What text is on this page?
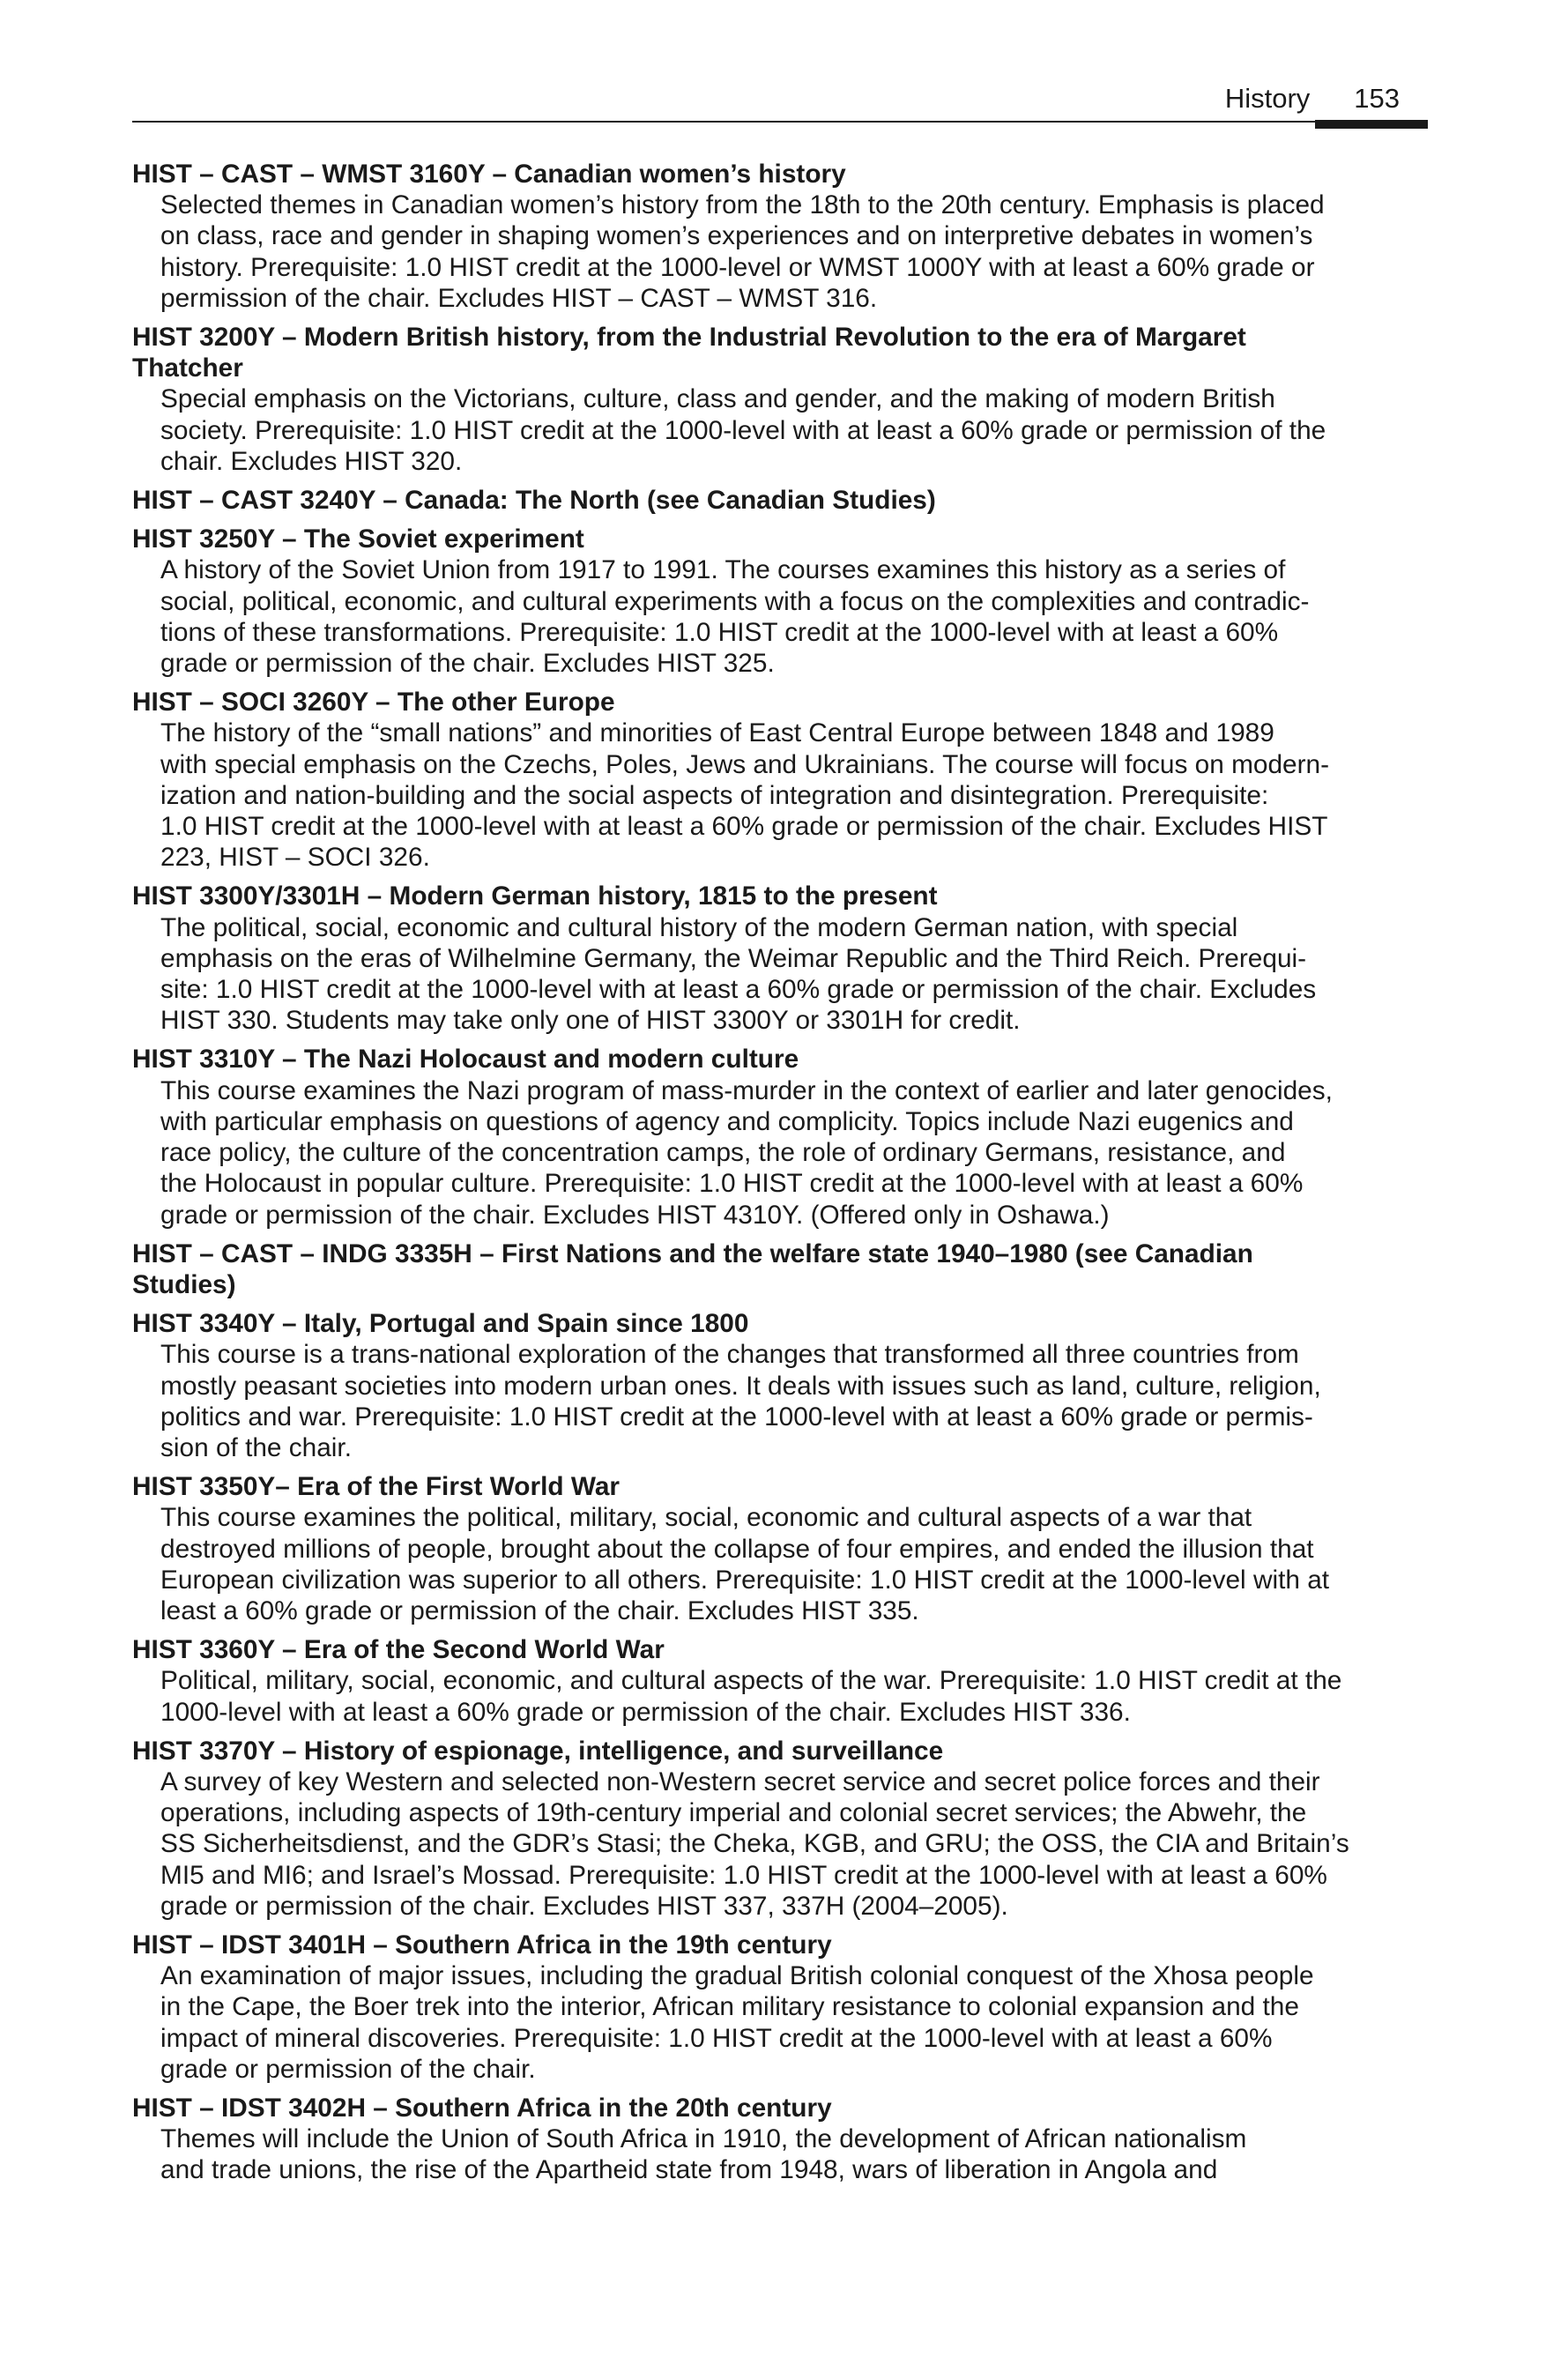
History 153
HIST – CAST – WMST 3160Y – Canadian women’s history
Selected themes in Canadian women’s history from the 18th to the 20th century. Emphasis is placed
on class, race and gender in shaping women’s experiences and on interpretive debates in women’s
history. Prerequisite: 1.0 HIST credit at the 1000-level or WMST 1000Y with at least a 60% grade or
permission of the chair. Excludes HIST – CAST – WMST 316.
HIST 3200Y – Modern British history, from the Industrial Revolution to the era of Margaret
Thatcher
Special emphasis on the Victorians, culture, class and gender, and the making of modern British
society. Prerequisite: 1.0 HIST credit at the 1000-level with at least a 60% grade or permission of the
chair. Excludes HIST 320.
HIST – CAST 3240Y – Canada: The North (see Canadian Studies)
HIST 3250Y – The Soviet experiment
A history of the Soviet Union from 1917 to 1991. The courses examines this history as a series of
social, political, economic, and cultural experiments with a focus on the complexities and contradic-
tions of these transformations. Prerequisite: 1.0 HIST credit at the 1000-level with at least a 60%
grade or permission of the chair. Excludes HIST 325.
HIST – SOCI 3260Y – The other Europe
The history of the “small nations” and minorities of East Central Europe between 1848 and 1989
with special emphasis on the Czechs, Poles, Jews and Ukrainians. The course will focus on modern-
ization and nation-building and the social aspects of integration and disintegration. Prerequisite:
1.0 HIST credit at the 1000-level with at least a 60% grade or permission of the chair. Excludes HIST
223, HIST – SOCI 326.
HIST 3300Y/3301H – Modern German history, 1815 to the present
The political, social, economic and cultural history of the modern German nation, with special
emphasis on the eras of Wilhelmine Germany, the Weimar Republic and the Third Reich. Prerequi-
site: 1.0 HIST credit at the 1000-level with at least a 60% grade or permission of the chair. Excludes
HIST 330. Students may take only one of HIST 3300Y or 3301H for credit.
HIST 3310Y – The Nazi Holocaust and modern culture
This course examines the Nazi program of mass-murder in the context of earlier and later genocides,
with particular emphasis on questions of agency and complicity. Topics include Nazi eugenics and
race policy, the culture of the concentration camps, the role of ordinary Germans, resistance, and
the Holocaust in popular culture. Prerequisite: 1.0 HIST credit at the 1000-level with at least a 60%
grade or permission of the chair. Excludes HIST 4310Y. (Offered only in Oshawa.)
HIST – CAST – INDG 3335H – First Nations and the welfare state 1940–1980 (see Canadian
Studies)
HIST 3340Y – Italy, Portugal and Spain since 1800
This course is a trans-national exploration of the changes that transformed all three countries from
mostly peasant societies into modern urban ones. It deals with issues such as land, culture, religion,
politics and war. Prerequisite: 1.0 HIST credit at the 1000-level with at least a 60% grade or permis-
sion of the chair.
HIST 3350Y– Era of the First World War
This course examines the political, military, social, economic and cultural aspects of a war that
destroyed millions of people, brought about the collapse of four empires, and ended the illusion that
European civilization was superior to all others. Prerequisite: 1.0 HIST credit at the 1000-level with at
least a 60% grade or permission of the chair. Excludes HIST 335.
HIST 3360Y – Era of the Second World War
Political, military, social, economic, and cultural aspects of the war. Prerequisite: 1.0 HIST credit at the
1000-level with at least a 60% grade or permission of the chair. Excludes HIST 336.
HIST 3370Y – History of espionage, intelligence, and surveillance
A survey of key Western and selected non-Western secret service and secret police forces and their
operations, including aspects of 19th-century imperial and colonial secret services; the Abwehr, the
SS Sicherheitsdienst, and the GDR’s Stasi; the Cheka, KGB, and GRU; the OSS, the CIA and Britain’s
MI5 and MI6; and Israel’s Mossad. Prerequisite: 1.0 HIST credit at the 1000-level with at least a 60%
grade or permission of the chair. Excludes HIST 337, 337H (2004–2005).
HIST – IDST 3401H – Southern Africa in the 19th century
An examination of major issues, including the gradual British colonial conquest of the Xhosa people
in the Cape, the Boer trek into the interior, African military resistance to colonial expansion and the
impact of mineral discoveries. Prerequisite: 1.0 HIST credit at the 1000-level with at least a 60%
grade or permission of the chair.
HIST – IDST 3402H – Southern Africa in the 20th century
Themes will include the Union of South Africa in 1910, the development of African nationalism
and trade unions, the rise of the Apartheid state from 1948, wars of liberation in Angola and
